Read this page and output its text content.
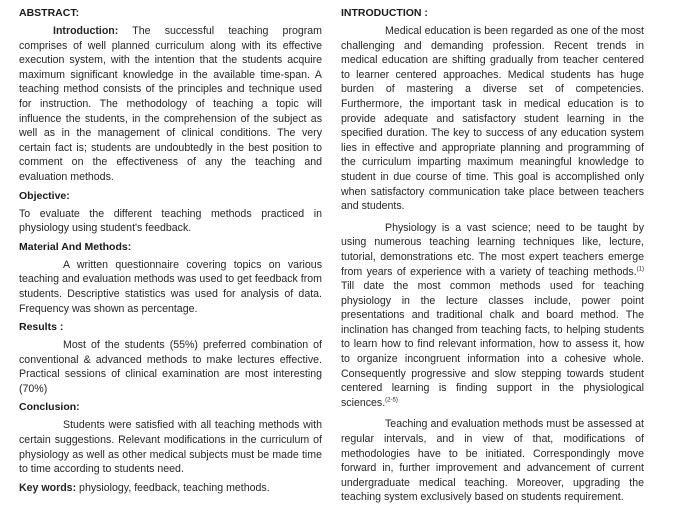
ABSTRACT:

Introduction: The successful teaching program comprises of well planned curriculum along with its effective execution system, with the intention that the students acquire maximum significant knowledge in the available time-span. A teaching method consists of the principles and technique used for instruction. The methodology of teaching a topic will influence the students, in the comprehension of the subject as well as in the management of clinical conditions. The very certain fact is; students are undoubtedly in the best position to comment on the effectiveness of any the teaching and evaluation methods.

Objective:

To evaluate the different teaching methods practiced in physiology using student's feedback.

Material And Methods:

A written questionnaire covering topics on various teaching and evaluation methods was used to get feedback from students. Descriptive statistics was used for analysis of data. Frequency was shown as percentage.

Results :

Most of the students (55%) preferred combination of conventional & advanced methods to make lectures effective. Practical sessions of clinical examination are most interesting (70%)

Conclusion:

Students were satisfied with all teaching methods with certain suggestions. Relevant modifications in the curriculum of physiology as well as other medical subjects must be made time to time according to students need.

Key words: physiology, feedback, teaching methods.

INTRODUCTION :

Medical education is been regarded as one of the most challenging and demanding profession. Recent trends in medical education are shifting gradually from teacher centered to learner centered approaches. Medical students has huge burden of mastering a diverse set of competencies. Furthermore, the important task in medical education is to provide adequate and satisfactory student learning in the specified duration. The key to success of any education system lies in effective and appropriate planning and programming of the curriculum imparting maximum meaningful knowledge to student in due course of time. This goal is accomplished only when satisfactory communication take place between teachers and students.

Physiology is a vast science; need to be taught by using numerous teaching learning techniques like, lecture, tutorial, demonstrations etc. The most expert teachers emerge from years of experience with a variety of teaching methods.$^{(1)}$ Till date the most common methods used for teaching physiology in the lecture classes include, power point presentations and traditional chalk and board method. The inclination has changed from teaching facts, to helping students to learn how to find relevant information, how to assess it, how to organize incongruent information into a cohesive whole. Consequently progressive and slow stepping towards student centered learning is finding support in the physiological sciences.$^{(2-5)}$

Teaching and evaluation methods must be assessed at regular intervals, and in view of that, modifications of methodologies have to be initiated. Correspondingly move forward in, further improvement and advancement of current undergraduate medical teaching. Moreover, upgrading the teaching system exclusively based on students requirement.
